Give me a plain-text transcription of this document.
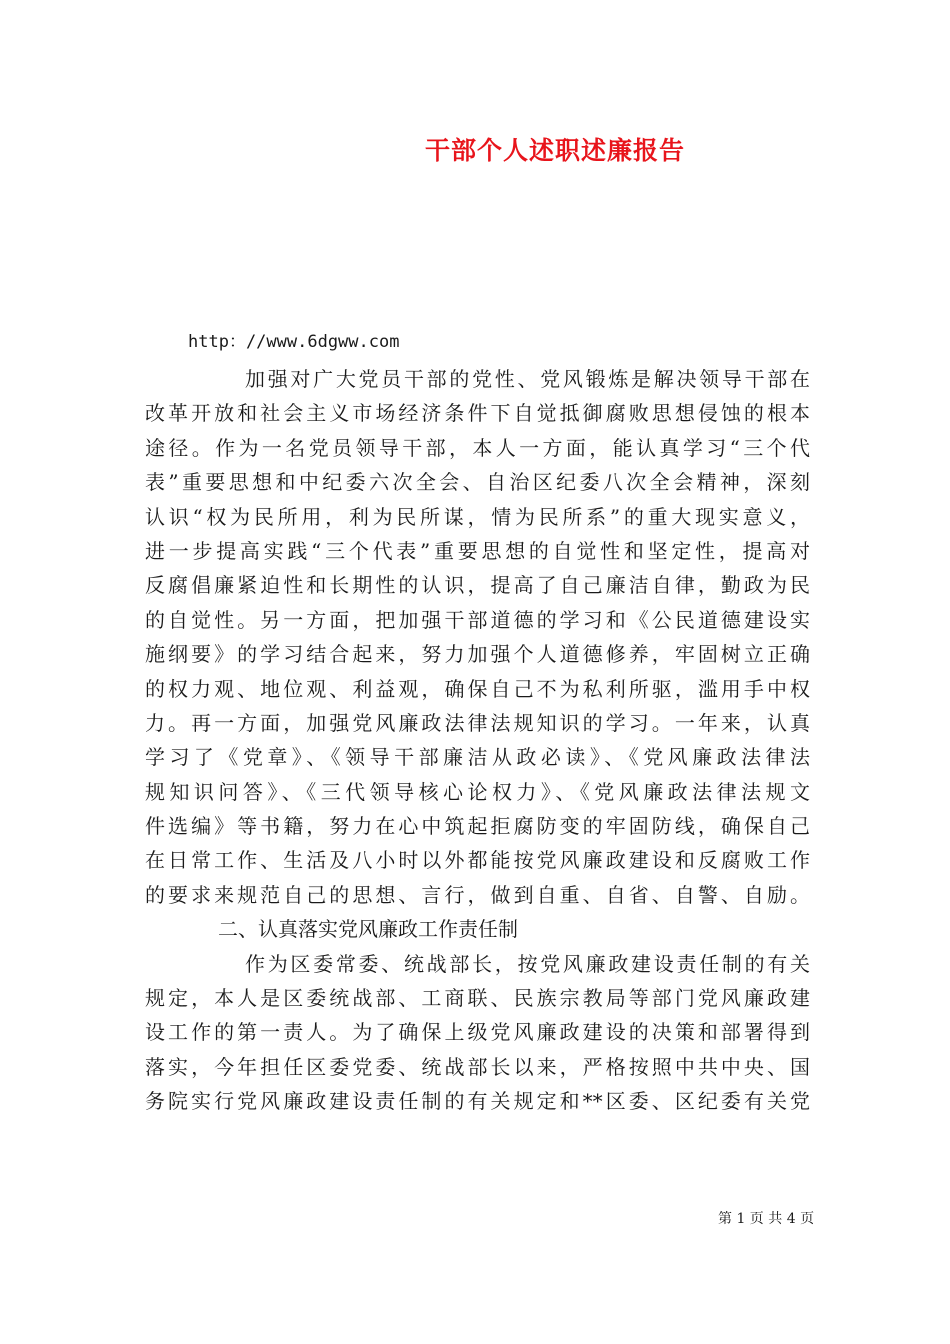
干部个人述职述廉报告
http：//www.6dgww.com
加强对广大党员干部的党性、党风锻炼是解决领导干部在
改革开放和社会主义市场经济条件下自觉抵御腐败思想侵蚀的根本
途径。作为一名党员领导干部，本人一方面，能认真学习“三个代
表”重要思想和中纪委六次全会、自治区纪委八次全会精神，深刻
认识“权为民所用，利为民所谋，情为民所系”的重大现实意义，
进一步提高实践“三个代表”重要思想的自觉性和坚定性，提高对
反腐倡廉紧迫性和长期性的认识，提高了自己廉洁自律，勤政为民
的自觉性。另一方面，把加强干部道德的学习和《公民道德建设实
施纲要》的学习结合起来，努力加强个人道德修养，牢固树立正确
的权力观、地位观、利益观，确保自己不为私利所驱，滥用手中权
力。再一方面，加强党风廉政法律法规知识的学习。一年来，认真
学习了《党章》、《领导干部廉洁从政必读》、《党风廉政法律法
规知识问答》、《三代领导核心论权力》、《党风廉政法律法规文
件选编》等书籍，努力在心中筑起拒腐防变的牢固防线，确保自己
在日常工作、生活及八小时以外都能按党风廉政建设和反腐败工作
的要求来规范自己的思想、言行，做到自重、自省、自警、自励。
二、认真落实党风廉政工作责任制
作为区委常委、统战部长，按党风廉政建设责任制的有关
规定，本人是区委统战部、工商联、民族宗教局等部门党风廉政建
设工作的第一责人。为了确保上级党风廉政建设的决策和部署得到
落实，今年担任区委党委、统战部长以来，严格按照中共中央、国
务院实行党风廉政建设责任制的有关规定和**区委、区纪委有关党
第 1 页 共 4 页
